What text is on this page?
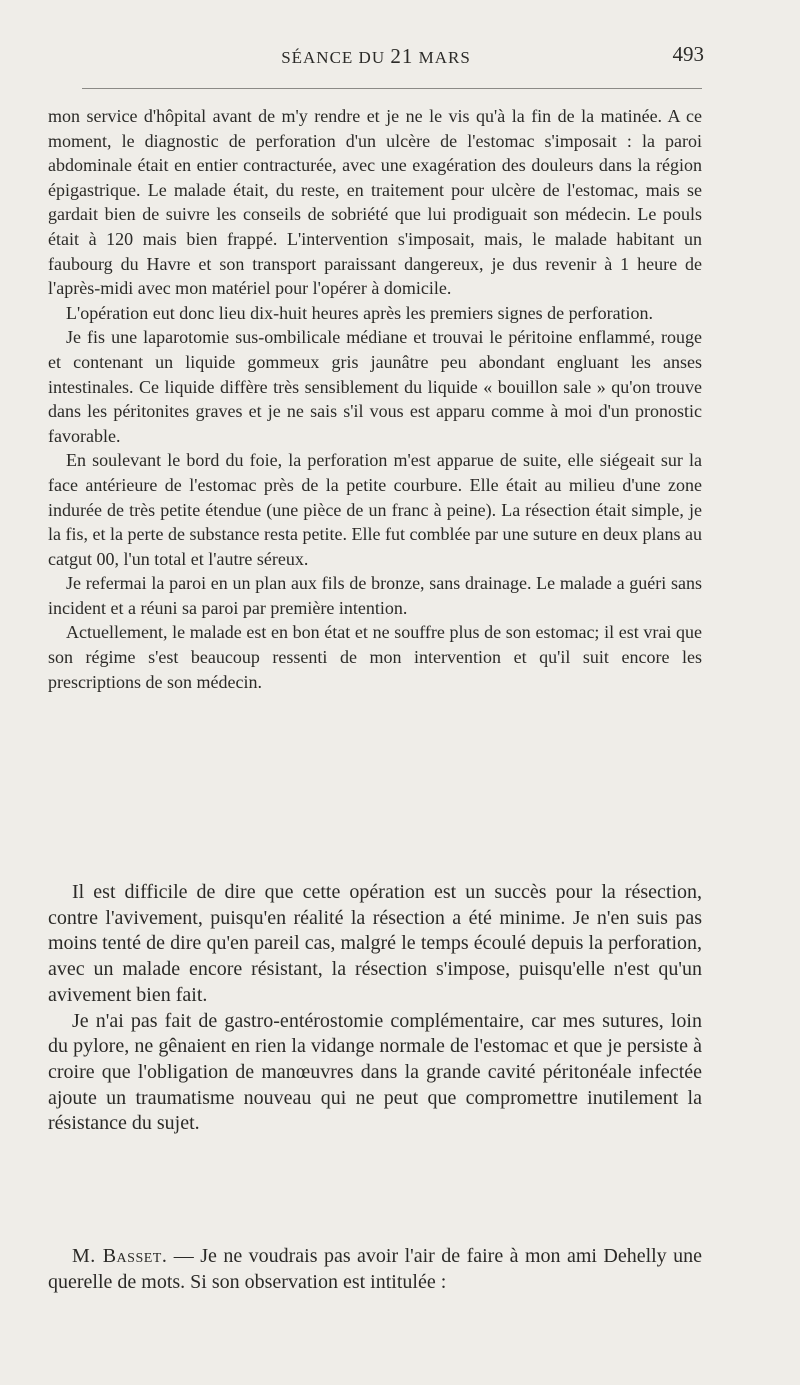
SÉANCE DU 21 MARS	493

mon service d'hôpital avant de m'y rendre et je ne le vis qu'à la fin de la matinée. A ce moment, le diagnostic de perforation d'un ulcère de l'estomac s'imposait : la paroi abdominale était en entier contracturée, avec une exagération des douleurs dans la région épigastrique. Le malade était, du reste, en traitement pour ulcère de l'estomac, mais se gardait bien de suivre les conseils de sobriété que lui prodiguait son médecin. Le pouls était à 120 mais bien frappé. L'intervention s'imposait, mais, le malade habitant un faubourg du Havre et son transport paraissant dangereux, je dus revenir à 1 heure de l'après-midi avec mon matériel pour l'opérer à domicile.

L'opération eut donc lieu dix-huit heures après les premiers signes de perforation.

Je fis une laparotomie sus-ombilicale médiane et trouvai le péritoine enflammé, rouge et contenant un liquide gommeux gris jaunâtre peu abondant engluant les anses intestinales. Ce liquide diffère très sensiblement du liquide « bouillon sale » qu'on trouve dans les péritonites graves et je ne sais s'il vous est apparu comme à moi d'un pronostic favorable.

En soulevant le bord du foie, la perforation m'est apparue de suite, elle siégeait sur la face antérieure de l'estomac près de la petite courbure. Elle était au milieu d'une zone indurée de très petite étendue (une pièce de un franc à peine). La résection était simple, je la fis, et la perte de substance resta petite. Elle fut comblée par une suture en deux plans au catgut 00, l'un total et l'autre séreux.

Je refermai la paroi en un plan aux fils de bronze, sans drainage. Le malade a guéri sans incident et a réuni sa paroi par première intention.

Actuellement, le malade est en bon état et ne souffre plus de son estomac; il est vrai que son régime s'est beaucoup ressenti de mon intervention et qu'il suit encore les prescriptions de son médecin.

Il est difficile de dire que cette opération est un succès pour la résection, contre l'avivement, puisqu'en réalité la résection a été minime. Je n'en suis pas moins tenté de dire qu'en pareil cas, malgré le temps écoulé depuis la perforation, avec un malade encore résistant, la résection s'impose, puisqu'elle n'est qu'un avivement bien fait.

Je n'ai pas fait de gastro-entérostomie complémentaire, car mes sutures, loin du pylore, ne gênaient en rien la vidange normale de l'estomac et que je persiste à croire que l'obligation de manœuvres dans la grande cavité péritonéale infectée ajoute un traumatisme nouveau qui ne peut que compromettre inutilement la résistance du sujet.

M. Basset. — Je ne voudrais pas avoir l'air de faire à mon ami Dehelly une querelle de mots. Si son observation est intitulée :
